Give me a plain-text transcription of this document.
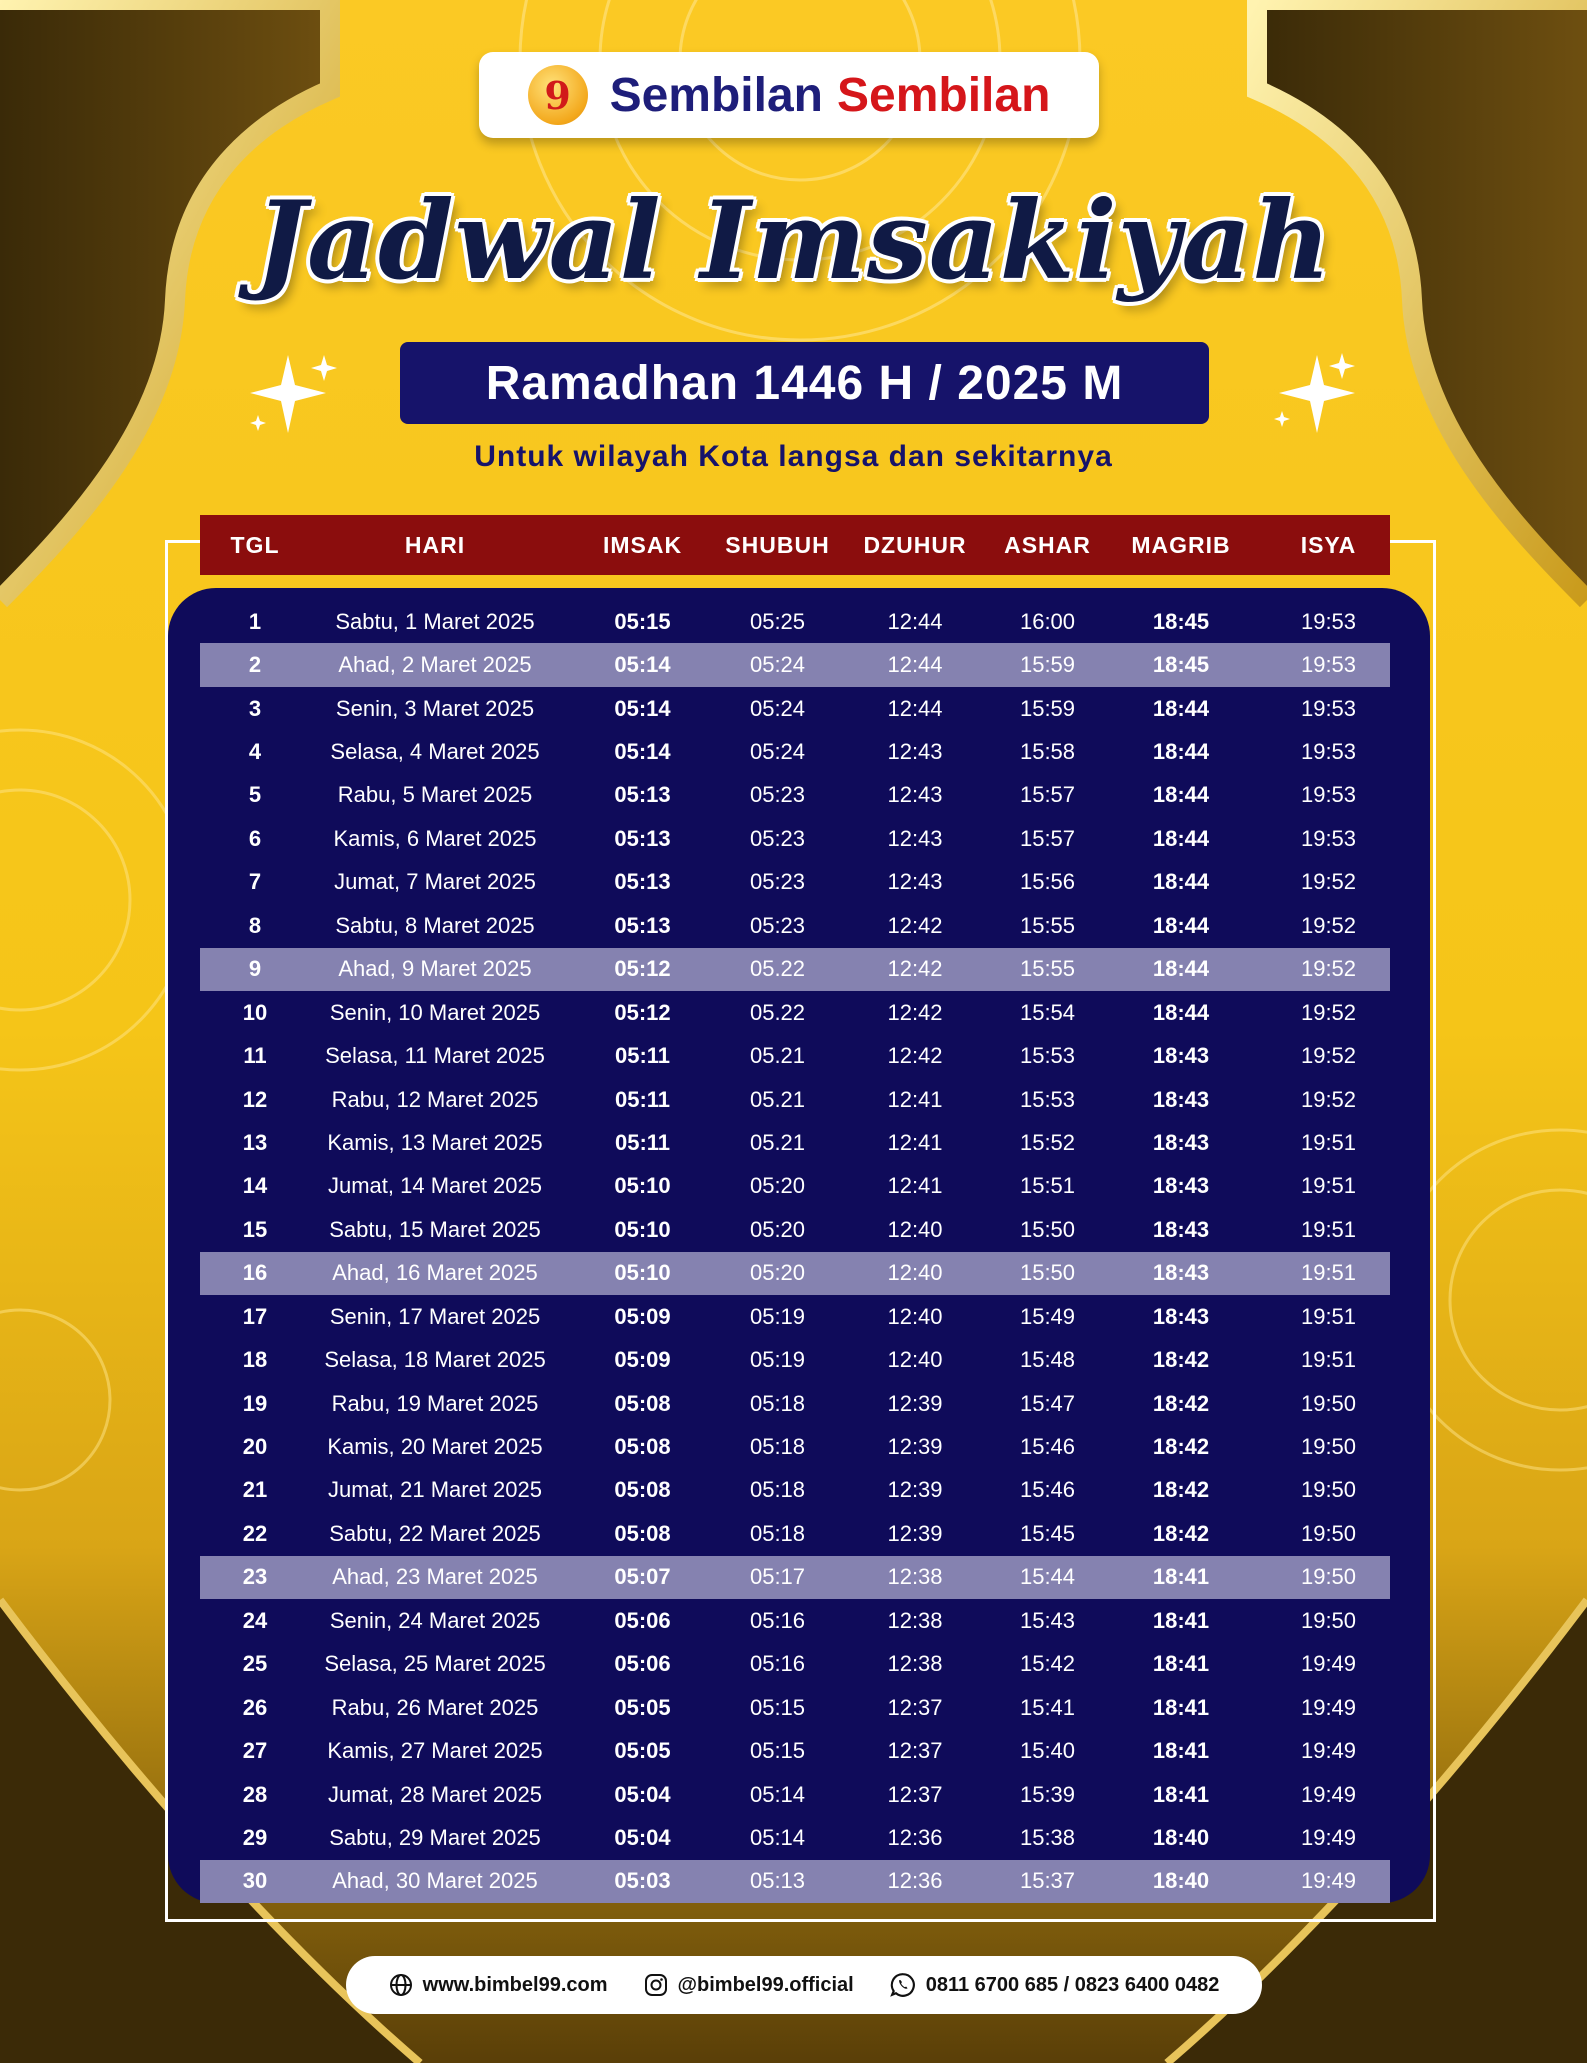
9 Sembilan Sembilan
Jadwal Imsakiyah
Ramadhan 1446 H / 2025 M
Untuk wilayah Kota langsa dan sekitarnya
TGL	HARI	IMSAK	SHUBUH	DZUHUR	ASHAR	MAGRIB	ISYA
1	Sabtu, 1 Maret 2025	05:15	05:25	12:44	16:00	18:45	19:53
2	Ahad, 2 Maret 2025	05:14	05:24	12:44	15:59	18:45	19:53
3	Senin, 3 Maret 2025	05:14	05:24	12:44	15:59	18:44	19:53
4	Selasa, 4 Maret 2025	05:14	05:24	12:43	15:58	18:44	19:53
5	Rabu, 5 Maret 2025	05:13	05:23	12:43	15:57	18:44	19:53
6	Kamis, 6 Maret 2025	05:13	05:23	12:43	15:57	18:44	19:53
7	Jumat, 7 Maret 2025	05:13	05:23	12:43	15:56	18:44	19:52
8	Sabtu, 8 Maret 2025	05:13	05:23	12:42	15:55	18:44	19:52
9	Ahad, 9 Maret 2025	05:12	05.22	12:42	15:55	18:44	19:52
10	Senin, 10 Maret 2025	05:12	05.22	12:42	15:54	18:44	19:52
11	Selasa, 11 Maret 2025	05:11	05.21	12:42	15:53	18:43	19:52
12	Rabu, 12 Maret 2025	05:11	05.21	12:41	15:53	18:43	19:52
13	Kamis, 13 Maret 2025	05:11	05.21	12:41	15:52	18:43	19:51
14	Jumat, 14 Maret 2025	05:10	05:20	12:41	15:51	18:43	19:51
15	Sabtu, 15 Maret 2025	05:10	05:20	12:40	15:50	18:43	19:51
16	Ahad, 16 Maret 2025	05:10	05:20	12:40	15:50	18:43	19:51
17	Senin, 17 Maret 2025	05:09	05:19	12:40	15:49	18:43	19:51
18	Selasa, 18 Maret 2025	05:09	05:19	12:40	15:48	18:42	19:51
19	Rabu, 19 Maret 2025	05:08	05:18	12:39	15:47	18:42	19:50
20	Kamis, 20 Maret 2025	05:08	05:18	12:39	15:46	18:42	19:50
21	Jumat, 21 Maret 2025	05:08	05:18	12:39	15:46	18:42	19:50
22	Sabtu, 22 Maret 2025	05:08	05:18	12:39	15:45	18:42	19:50
23	Ahad, 23 Maret 2025	05:07	05:17	12:38	15:44	18:41	19:50
24	Senin, 24 Maret 2025	05:06	05:16	12:38	15:43	18:41	19:50
25	Selasa, 25 Maret 2025	05:06	05:16	12:38	15:42	18:41	19:49
26	Rabu, 26 Maret 2025	05:05	05:15	12:37	15:41	18:41	19:49
27	Kamis, 27 Maret 2025	05:05	05:15	12:37	15:40	18:41	19:49
28	Jumat, 28 Maret 2025	05:04	05:14	12:37	15:39	18:41	19:49
29	Sabtu, 29 Maret 2025	05:04	05:14	12:36	15:38	18:40	19:49
30	Ahad, 30 Maret 2025	05:03	05:13	12:36	15:37	18:40	19:49
www.bimbel99.com	@bimbel99.official	0811 6700 685 / 0823 6400 0482
